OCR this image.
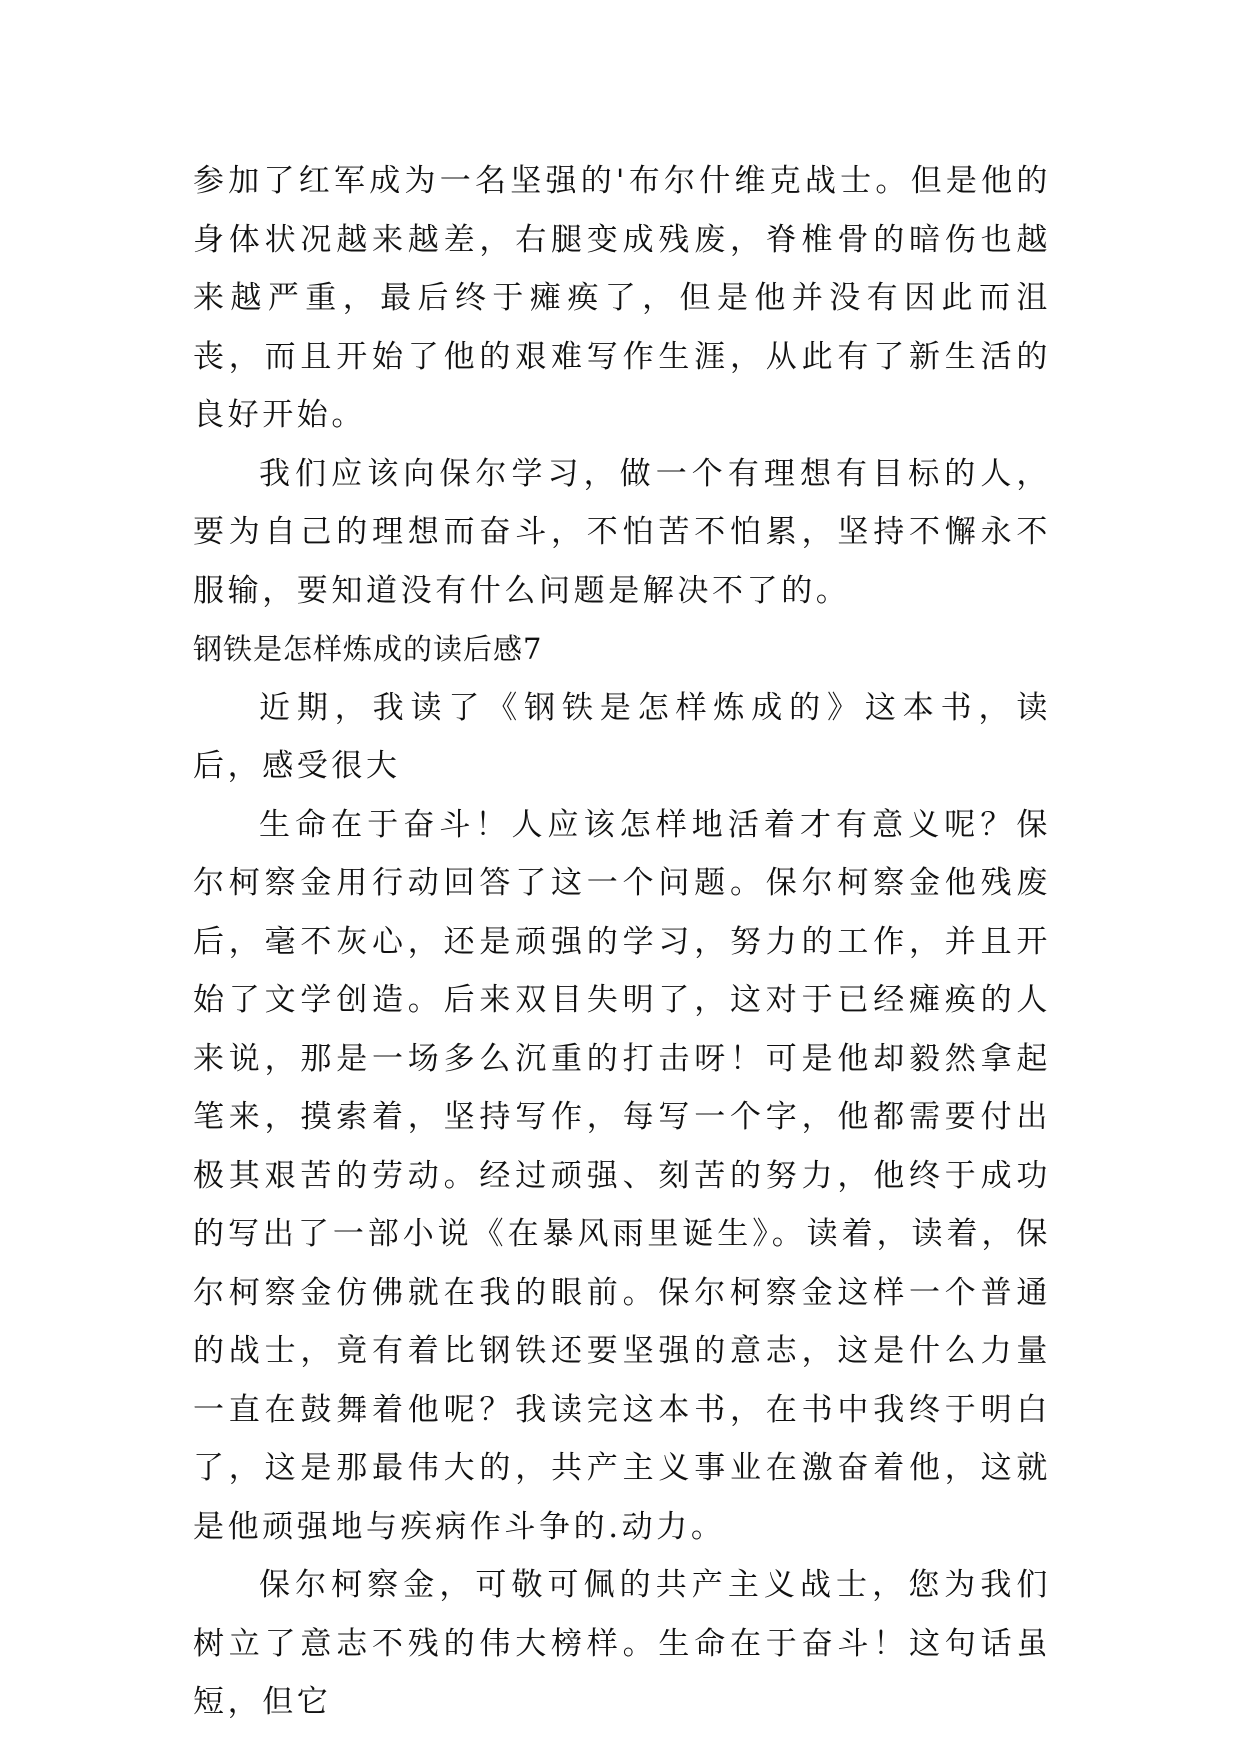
参加了红军成为一名坚强的'布尔什维克战士。但是他的身体状况越来越差，右腿变成残废，脊椎骨的暗伤也越来越严重，最后终于瘫痪了，但是他并没有因此而沮丧，而且开始了他的艰难写作生涯，从此有了新生活的良好开始。

我们应该向保尔学习，做一个有理想有目标的人，要为自己的理想而奋斗，不怕苦不怕累，坚持不懈永不服输，要知道没有什么问题是解决不了的。

钢铁是怎样炼成的读后感7

近期，我读了《钢铁是怎样炼成的》这本书，读后，感受很大

生命在于奋斗！人应该怎样地活着才有意义呢？保尔柯察金用行动回答了这一个问题。保尔柯察金他残废后，毫不灰心，还是顽强的学习，努力的工作，并且开始了文学创造。后来双目失明了，这对于已经瘫痪的人来说，那是一场多么沉重的打击呀！可是他却毅然拿起笔来，摸索着，坚持写作，每写一个字，他都需要付出极其艰苦的劳动。经过顽强、刻苦的努力，他终于成功的写出了一部小说《在暴风雨里诞生》。读着，读着，保尔柯察金仿佛就在我的眼前。保尔柯察金这样一个普通的战士，竟有着比钢铁还要坚强的意志，这是什么力量一直在鼓舞着他呢？我读完这本书，在书中我终于明白了，这是那最伟大的，共产主义事业在激奋着他，这就是他顽强地与疾病作斗争的.动力。

保尔柯察金，可敬可佩的共产主义战士，您为我们树立了意志不残的伟大榜样。生命在于奋斗！这句话虽短，但它
